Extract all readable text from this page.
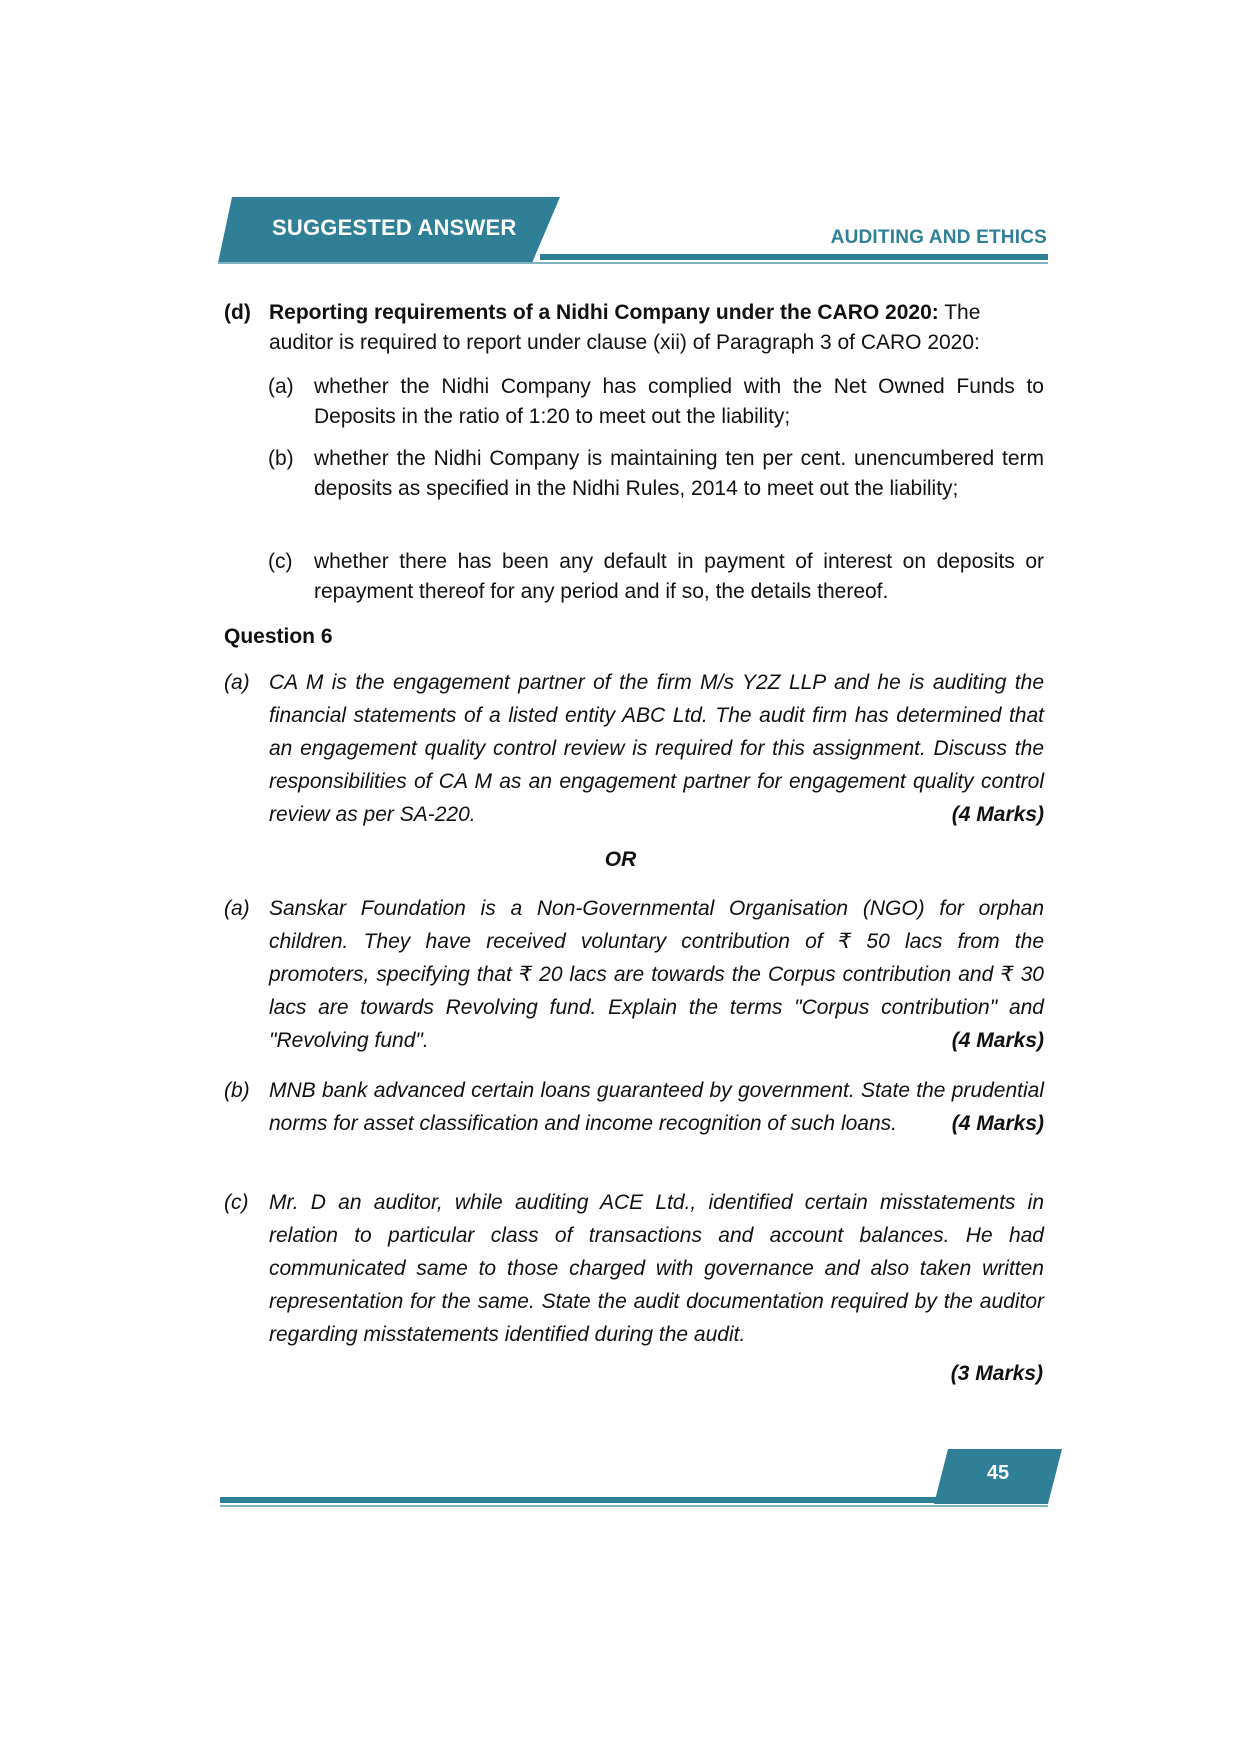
SUGGESTED ANSWER	AUDITING AND ETHICS
(d) Reporting requirements of a Nidhi Company under the CARO 2020: The auditor is required to report under clause (xii) of Paragraph 3 of CARO 2020:
(a) whether the Nidhi Company has complied with the Net Owned Funds to Deposits in the ratio of 1:20 to meet out the liability;
(b) whether the Nidhi Company is maintaining ten per cent. unencumbered term deposits as specified in the Nidhi Rules, 2014 to meet out the liability;
(c) whether there has been any default in payment of interest on deposits or repayment thereof for any period and if so, the details thereof.
Question 6
(a) CA M is the engagement partner of the firm M/s Y2Z LLP and he is auditing the financial statements of a listed entity ABC Ltd. The audit firm has determined that an engagement quality control review is required for this assignment. Discuss the responsibilities of CA M as an engagement partner for engagement quality control review as per SA-220.	(4 Marks)
OR
(a) Sanskar Foundation is a Non-Governmental Organisation (NGO) for orphan children. They have received voluntary contribution of ₹ 50 lacs from the promoters, specifying that ₹ 20 lacs are towards the Corpus contribution and ₹ 30 lacs are towards Revolving fund. Explain the terms "Corpus contribution" and "Revolving fund".	(4 Marks)
(b) MNB bank advanced certain loans guaranteed by government. State the prudential norms for asset classification and income recognition of such loans.	(4 Marks)
(c) Mr. D an auditor, while auditing ACE Ltd., identified certain misstatements in relation to particular class of transactions and account balances. He had communicated same to those charged with governance and also taken written representation for the same. State the audit documentation required by the auditor regarding misstatements identified during the audit.
(3 Marks)
45
